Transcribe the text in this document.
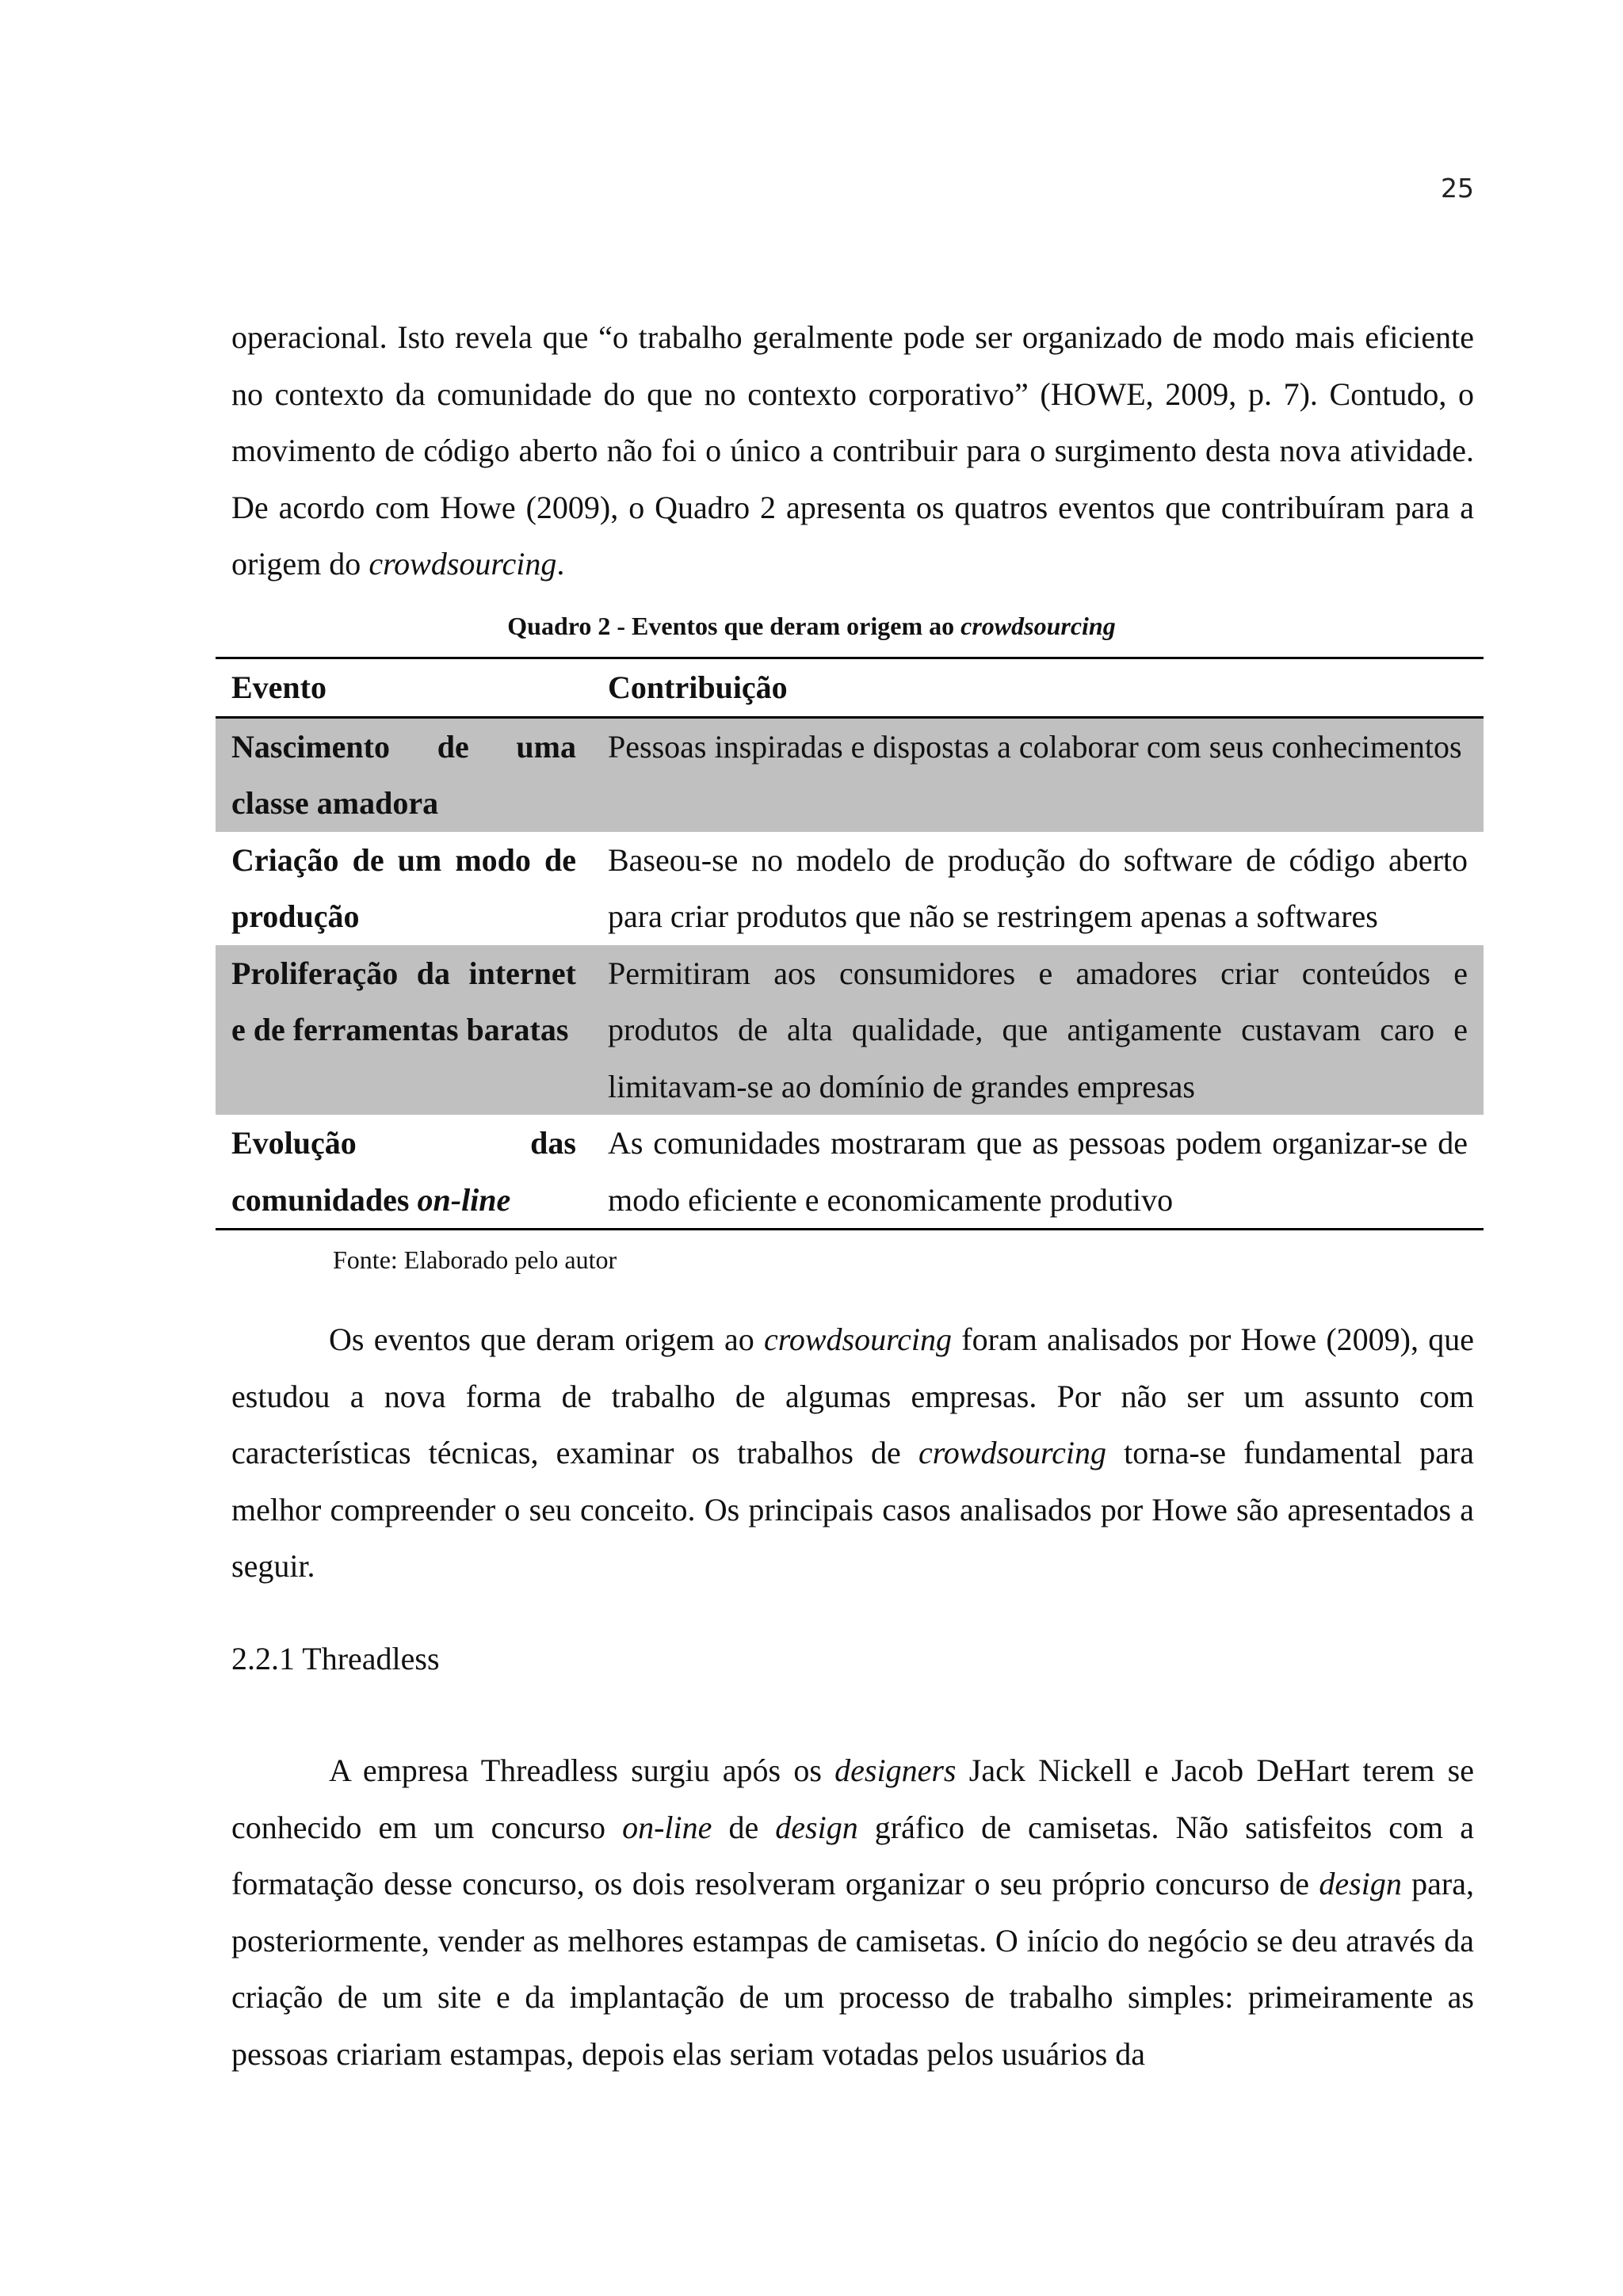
25

operacional. Isto revela que “o trabalho geralmente pode ser organizado de modo mais eficiente no contexto da comunidade do que no contexto corporativo” (HOWE, 2009, p. 7). Contudo, o movimento de código aberto não foi o único a contribuir para o surgimento desta nova atividade. De acordo com Howe (2009), o Quadro 2 apresenta os quatros eventos que contribuíram para a origem do crowdsourcing.

Quadro 2 - Eventos que deram origem ao crowdsourcing

Evento	Contribuição
Nascimento de uma classe amadora	Pessoas inspiradas e dispostas a colaborar com seus conhecimentos
Criação de um modo de produção	Baseou-se no modelo de produção do software de código aberto para criar produtos que não se restringem apenas a softwares
Proliferação da internet e de ferramentas baratas	Permitiram aos consumidores e amadores criar conteúdos e produtos de alta qualidade, que antigamente custavam caro e limitavam-se ao domínio de grandes empresas
Evolução das comunidades on-line	As comunidades mostraram que as pessoas podem organizar-se de modo eficiente e economicamente produtivo

Fonte: Elaborado pelo autor

Os eventos que deram origem ao crowdsourcing foram analisados por Howe (2009), que estudou a nova forma de trabalho de algumas empresas. Por não ser um assunto com características técnicas, examinar os trabalhos de crowdsourcing torna-se fundamental para melhor compreender o seu conceito. Os principais casos analisados por Howe são apresentados a seguir.

2.2.1 Threadless

A empresa Threadless surgiu após os designers Jack Nickell e Jacob DeHart terem se conhecido em um concurso on-line de design gráfico de camisetas. Não satisfeitos com a formatação desse concurso, os dois resolveram organizar o seu próprio concurso de design para, posteriormente, vender as melhores estampas de camisetas. O início do negócio se deu através da criação de um site e da implantação de um processo de trabalho simples: primeiramente as pessoas criariam estampas, depois elas seriam votadas pelos usuários da
